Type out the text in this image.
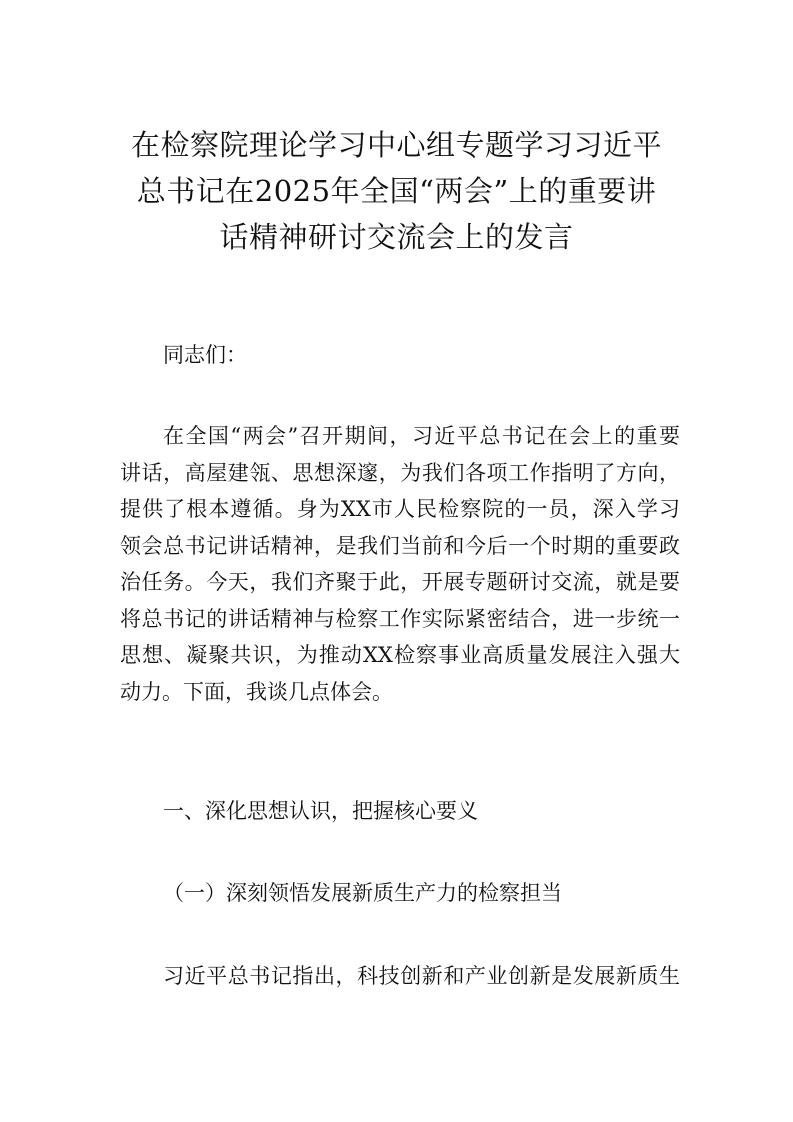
在检察院理论学习中心组专题学习习近平
总书记在2025年全国“两会”上的重要讲
话精神研讨交流会上的发言

同志们：

在全国“两会”召开期间，习近平总书记在会上的重要
讲话，高屋建瓴、思想深邃，为我们各项工作指明了方向，
提供了根本遵循。身为XX市人民检察院的一员，深入学习
领会总书记讲话精神，是我们当前和今后一个时期的重要政
治任务。今天，我们齐聚于此，开展专题研讨交流，就是要
将总书记的讲话精神与检察工作实际紧密结合，进一步统一
思想、凝聚共识，为推动XX检察事业高质量发展注入强大
动力。下面，我谈几点体会。

一、深化思想认识，把握核心要义
（一）深刻领悟发展新质生产力的检察担当

习近平总书记指出，科技创新和产业创新是发展新质生
